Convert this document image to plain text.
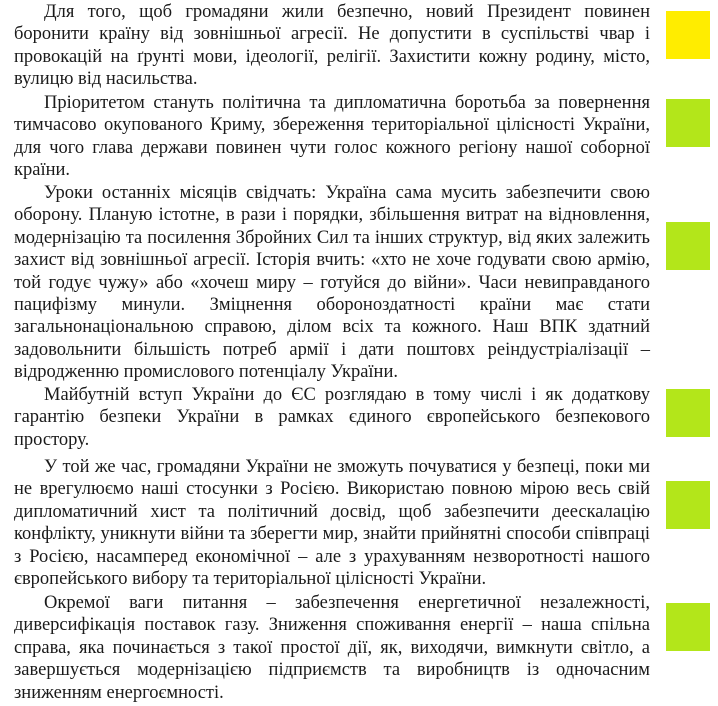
Для того, щоб громадяни жили безпечно, новий Президент повинен боронити країну від зовнішньої агресії. Не допустити в суспільстві чвар і провокацій на ґрунті мови, ідеології, релігії. Захистити кожну родину, місто, вулицю від насильства.

Пріоритетом стануть політична та дипломатична боротьба за повернення тимчасово окупованого Криму, збереження територіальної цілісності України, для чого глава держави повинен чути голос кожного регіону нашої соборної країни.

Уроки останніх місяців свідчать: Україна сама мусить забезпечити свою оборону. Планую істотне, в рази і порядки, збільшення витрат на відновлення, модернізацію та посилення Збройних Сил та інших структур, від яких залежить захист від зовнішньої агресії. Історія вчить: «хто не хоче годувати свою армію, той годує чужу» або «хочеш миру – готуйся до війни». Часи невиправданого пацифізму минули. Зміцнення обороноздатності країни має стати загальнонаціональною справою, ділом всіх та кожного. Наш ВПК здатний задовольнити більшість потреб армії і дати поштовх реіндустріалізації – відродженню промислового потенціалу України.

Майбутній вступ України до ЄС розглядаю в тому числі і як додаткову гарантію безпеки України в рамках єдиного європейського безпекового простору.

У той же час, громадяни України не зможуть почуватися у безпеці, поки ми не врегулюємо наші стосунки з Росією. Використаю повною мірою весь свій дипломатичний хист та політичний досвід, щоб забезпечити деескалацію конфлікту, уникнути війни та зберегти мир, знайти прийнятні способи співпраці з Росією, насамперед економічної – але з урахуванням незворотності нашого європейського вибору та територіальної цілісності України.

Окремої ваги питання – забезпечення енергетичної незалежності, диверсифікація поставок газу. Зниження споживання енергії – наша спільна справа, яка починається з такої простої дії, як, виходячи, вимкнути світло, а завершується модернізацією підприємств та виробництв із одночасним зниженням енергоємності.
